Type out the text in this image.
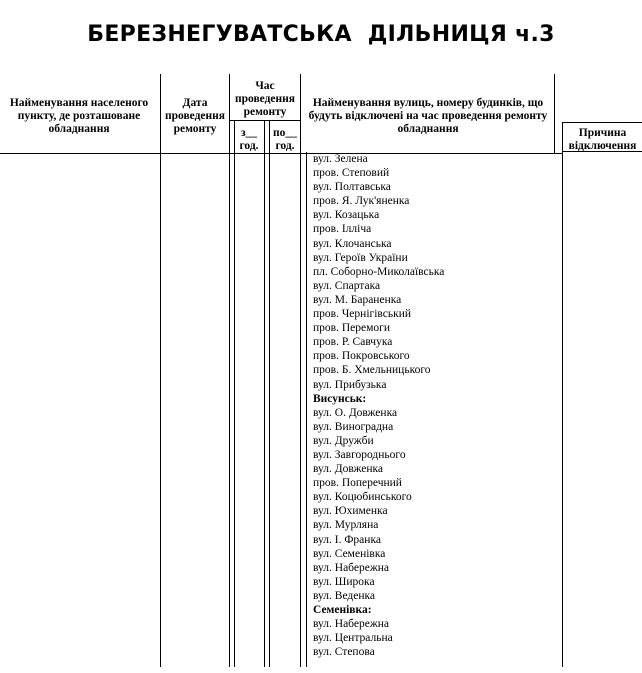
БЕРЕЗНЕГУВАТСЬКА  ДІЛЬНИЦЯ ч.3
Найменування населеного пункту, де розташоване обладнання
Дата проведення ремонту
Час проведення ремонту
з__ год.
по__ год.
Найменування вулиць, номеру будинків, що будуть відключені на час проведення ремонту обладнання	Причина відключення
вул. Зелена
пров. Степовий
вул. Полтавська
пров. Я. Лук'яненка
вул. Козацька
пров. Ілліча
вул. Клочанська
вул. Героїв України
пл. Соборно-Миколаївська
вул. Спартака
вул. М. Бараненка
пров. Чернігівський
пров. Перемоги
пров. Р. Савчука
пров. Покровського
пров. Б. Хмельницького
вул. Прибузька
Висунськ:
вул. О. Довженка
вул. Виноградна
вул. Дружби
вул. Завгороднього
вул. Довженка
пров. Поперечний
вул. Коцюбинського
вул. Юхименка
вул. Мурляна
вул. І. Франка
вул. Семенівка
вул. Набережна
вул. Широка
вул. Веденка
Семенівка:
вул. Набережна
вул. Центральна
вул. Степова
